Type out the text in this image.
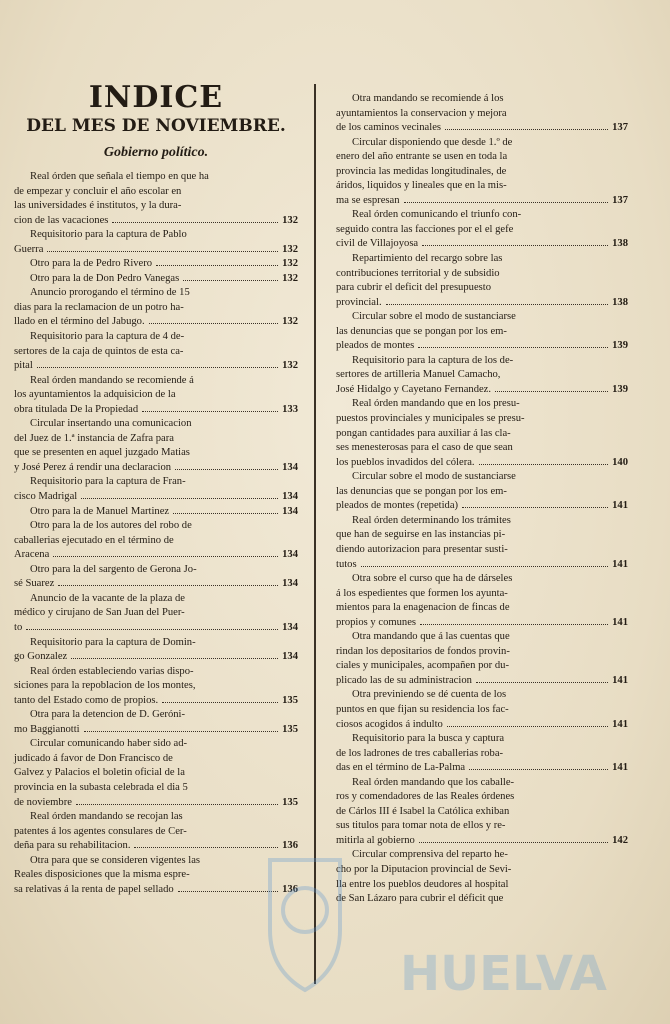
INDICE
DEL MES DE NOVIEMBRE.
Gobierno político.
Real órden que señala el tiempo en que ha
de empezar y concluir el año escolar en
las universidades é institutos, y la dura-
cion de las vacaciones	132
Requisitorio para la captura de Pablo
Guerra	132
Otro para la de Pedro Rivero	132
Otro para la de Don Pedro Vanegas	132
Anuncio prorogando el término de 15
dias para la reclamacion de un potro ha-
llado en el término del Jabugo.	132
Requisitorio para la captura de 4 de-
sertores de la caja de quintos de esta ca-
pital	132
Real órden mandando se recomiende á
los ayuntamientos la adquisicion de la
obra titulada De la Propiedad	133
Circular insertando una comunicacion
del Juez de 1.ª instancia de Zafra para
que se presenten en aquel juzgado Matias
y José Perez á rendir una declaracion	134
Requisitorio para la captura de Fran-
cisco Madrigal	134
Otro para la de Manuel Martinez	134
Otro para la de los autores del robo de
caballerias ejecutado en el término de
Aracena	134
Otro para la del sargento de Gerona Jo-
sé Suarez	134
Anuncio de la vacante de la plaza de
médico y cirujano de San Juan del Puer-
to	134
Requisitorio para la captura de Domin-
go Gonzalez	134
Real órden estableciendo varias dispo-
siciones para la repoblacion de los montes,
tanto del Estado como de propios.	135
Otra para la detencion de D. Geróni-
mo Baggianotti	135
Circular comunicando haber sido ad-
judicado á favor de Don Francisco de
Galvez y Palacios el boletin oficial de la
provincia en la subasta celebrada el dia 5
de noviembre	135
Real órden mandando se recojan las
patentes á los agentes consulares de Cer-
deña para su rehabilitacion.	136
Otra para que se consideren vigentes las
Reales disposiciones que la misma espre-
sa relativas á la renta de papel sellado	136
Otra mandando se recomiende á los
ayuntamientos la conservacion y mejora
de los caminos vecinales	137
Circular disponiendo que desde 1.º de
enero del año entrante se usen en toda la
provincia las medidas longitudinales, de
áridos, liquidos y lineales que en la mis-
ma se espresan	137
Real órden comunicando el triunfo con-
seguido contra las facciones por el el gefe
civil de Villajoyosa	138
Repartimiento del recargo sobre las
contribuciones territorial y de subsidio
para cubrir el deficit del presupuesto
provincial.	138
Circular sobre el modo de sustanciarse
las denuncias que se pongan por los em-
pleados de montes	139
Requisitorio para la captura de los de-
sertores de artilleria Manuel Camacho,
José Hidalgo y Cayetano Fernandez.	139
Real órden mandando que en los presu-
puestos provinciales y municipales se presu-
pongan cantidades para auxiliar á las cla-
ses menesterosas para el caso de que sean
los pueblos invadidos del cólera.	140
Circular sobre el modo de sustanciarse
las denuncias que se pongan por los em-
pleados de montes (repetida)	141
Real órden determinando los trámites
que han de seguirse en las instancias pi-
diendo autorizacion para presentar susti-
tutos	141
Otra sobre el curso que ha de dárseles
á los espedientes que formen los ayunta-
mientos para la enagenacion de fincas de
propios y comunes	141
Otra mandando que á las cuentas que
rindan los depositarios de fondos provin-
ciales y municipales, acompañen por du-
plicado las de su administracion	141
Otra previniendo se dé cuenta de los
puntos en que fijan su residencia los fac-
ciosos acogidos á indulto	141
Requisitorio para la busca y captura
de los ladrones de tres caballerias roba-
das en el término de La-Palma	141
Real órden mandando que los caballe-
ros y comendadores de las Reales órdenes
de Cárlos III é Isabel la Católica exhiban
sus titulos para tomar nota de ellos y re-
mitirla al gobierno	142
Circular comprensiva del reparto he-
cho por la Diputacion provincial de Sevi-
lla entre los pueblos deudores al hospital
de San Lázaro para cubrir el déficit que
HUELVA
